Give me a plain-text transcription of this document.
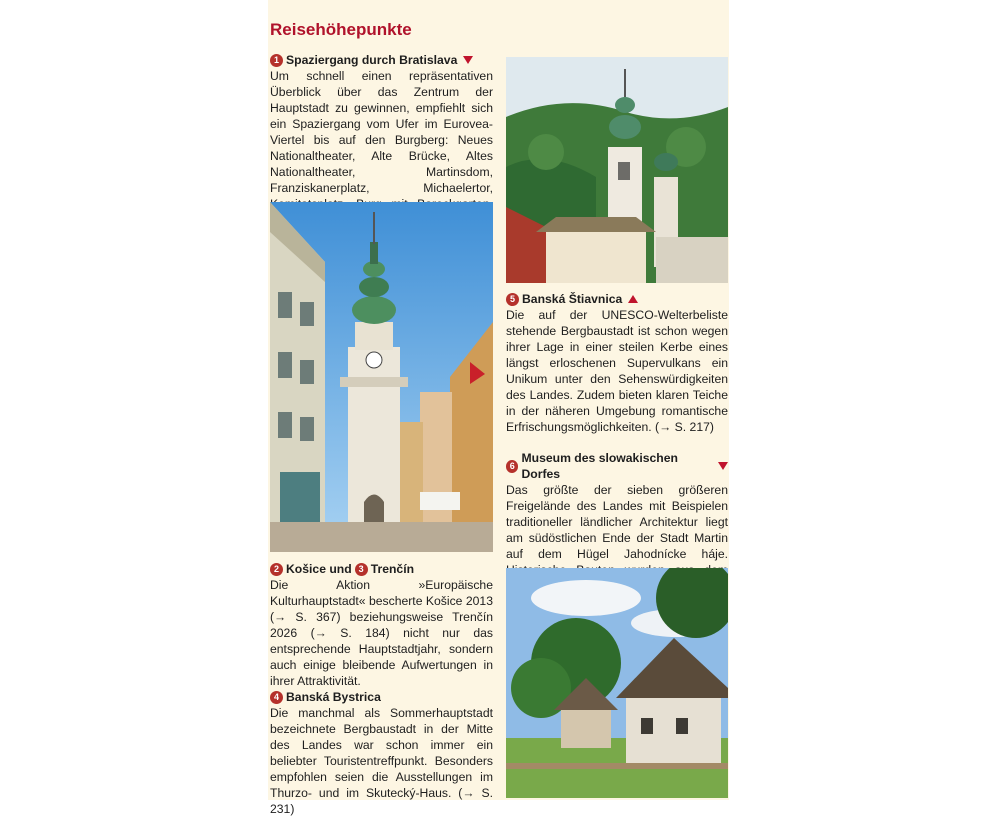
Reisehöhepunkte
1 Spaziergang durch Bratislava
Um schnell einen repräsentativen Überblick über das Zentrum der Hauptstadt zu gewinnen, empfiehlt sich ein Spaziergang vom Ufer im Eurovea-Viertel bis auf den Burgberg: Neues Nationaltheater, Alte Brücke, Altes Nationaltheater, Martinsdom, Franziskanerplatz, Michaelertor,
2 Košice und 3 Trenčín
Die Aktion »Europäische Kulturhauptstadt« bescherte Košice 2013 (→ S. 367) beziehungsweise Trenčín 2026 (→ S. 184) nicht nur das entsprechende Hauptstadtjahr, sondern auch einige bleibende Aufwertungen in ihrer Attraktivität.
4 Banská Bystrica
Die manchmal als Sommerhauptstadt bezeichnete Bergbaustadt in der Mitte des Landes war schon immer ein beliebter Touristentreffpunkt. Besonders empfohlen seien die Ausstellungen im Thurzo- und im Skutecký-Haus. (→ S. 231)
5 Banská Štiavnica
Die auf der UNESCO-Welterbeliste stehende Bergbaustadt ist schon wegen ihrer Lage in einer steilen Kerbe eines längst erloschenen Supervulkans ein Unikum unter den Sehenswürdigkeiten des Landes. Zudem bieten klaren Teiche in der näheren Umgebung romantische Erfrischungsmöglichkeiten. (→ S. 217)
6
Museum des slowakischen Dorfes
Das größte der sieben größeren Freigelände des Landes mit Beispielen traditioneller ländlicher Architektur liegt am südöstlichen Ende der Stadt Martin auf dem Hügel Jahodnícke háje.
